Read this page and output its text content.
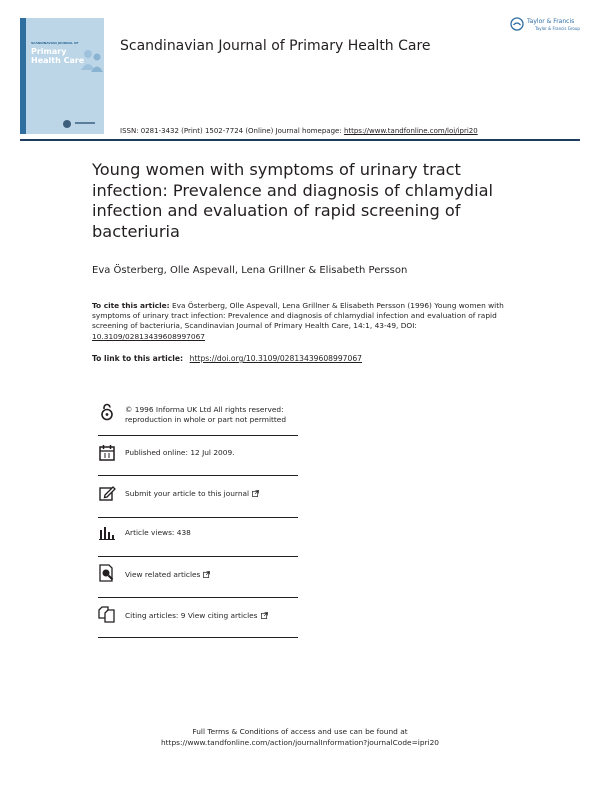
SCANDINAVIAN JOURNAL OF
Primary
Health Care
Scandinavian Journal of Primary Health Care
Taylor & Francis
Taylor & Francis Group
ISSN: 0281-3432 (Print) 1502-7724 (Online) Journal homepage: https://www.tandfonline.com/loi/ipri20
Young women with symptoms of urinary tract infection: Prevalence and diagnosis of chlamydial infection and evaluation of rapid screening of bacteriuria
Eva Österberg, Olle Aspevall, Lena Grillner & Elisabeth Persson
To cite this article: Eva Österberg, Olle Aspevall, Lena Grillner & Elisabeth Persson (1996) Young women with symptoms of urinary tract infection: Prevalence and diagnosis of chlamydial infection and evaluation of rapid screening of bacteriuria, Scandinavian Journal of Primary Health Care, 14:1, 43-49, DOI: 10.3109/02813439608997067
To link to this article: https://doi.org/10.3109/02813439608997067
© 1996 Informa UK Ltd All rights reserved:
reproduction in whole or part not permitted
Published online: 12 Jul 2009.
Submit your article to this journal
Article views: 438
View related articles
Citing articles: 9 View citing articles
Full Terms & Conditions of access and use can be found at
https://www.tandfonline.com/action/journalInformation?journalCode=ipri20
